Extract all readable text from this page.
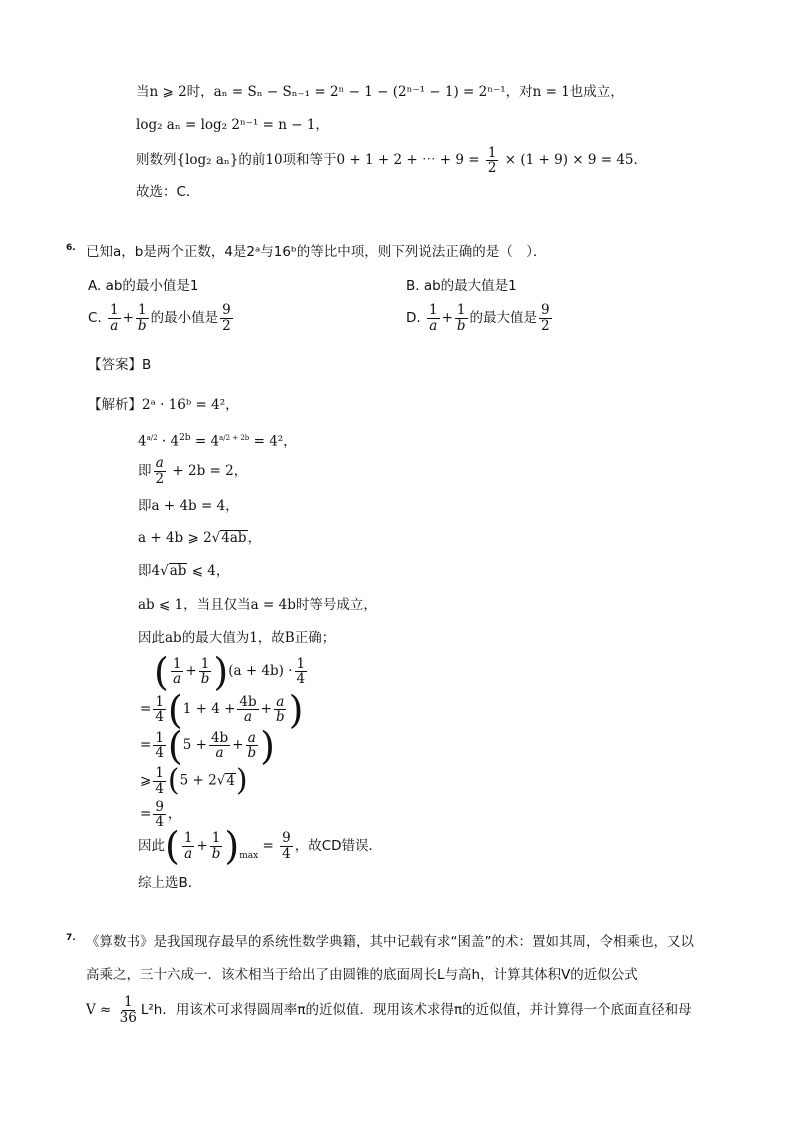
当n ⩾ 2时，aₙ = Sₙ − Sₙ₋₁ = 2ⁿ − 1 − (2ⁿ⁻¹ − 1) = 2ⁿ⁻¹，对n = 1也成立，
log₂ aₙ = log₂ 2ⁿ⁻¹ = n − 1，
则数列{log₂ aₙ}的前10项和等于0 + 1 + 2 + ⋯ + $9 = \frac{1}{2} \times (1 + 9) \times 9 = 45$．
故选：C．
6. 已知a，b是两个正数，4是2ᵃ与16ᵇ的等比中项，则下列说法正确的是（　）．
A. ab的最小值是1	B. ab的最大值是1
C. $\frac{1}{a} + \frac{1}{b}$ 的最小值是 $\frac{9}{2}$	D. $\frac{1}{a} + \frac{1}{b}$ 的最大值是 $\frac{9}{2}$
【答案】B
【解析】2ᵃ · 16ᵇ = 4²，
$4^{a/2} \cdot 4^{2b} = 4^{a/2 + 2b} = 4^2$，
即 $\frac{a}{2} + 2b = 2$，
即a + 4b = 4，
a + 4b ⩾ 2√4ab，
即4√ab ⩽ 4，
ab ⩽ 1，当且仅当a = 4b时等号成立，
因此ab的最大值为1，故B正确；
( $\frac{1}{a} + \frac{1}{b} )(a + 4b) \cdot \frac{1}{4}$
= $\frac{1}{4} (1 + 4 + \frac{4b}{a} + \frac{a}{b}$ )
= $\frac{1}{4} (5 + \frac{4b}{a} + \frac{a}{b}$ )
⩾ $\frac{1}{4} (5 + 2√4)$
= $\frac{9}{4}$ ，
因此( $\frac{1}{a} + \frac{1}{b} )_{max} = \frac{9}{4}$ ，故CD错误．
综上选B．
7. 《算数书》是我国现存最早的系统性数学典籍，其中记载有求“囷盖”的术：置如其周，令相乘也，又以
高乘之，三十六成一．该术相当于给出了由圆锥的底面周长L与高h，计算其体积V的近似公式
$V \approx \frac{1}{36} L^2h$．用该术可求得圆周率π的近似值．现用该术求得π的近似值，并计算得一个底面直径和母
